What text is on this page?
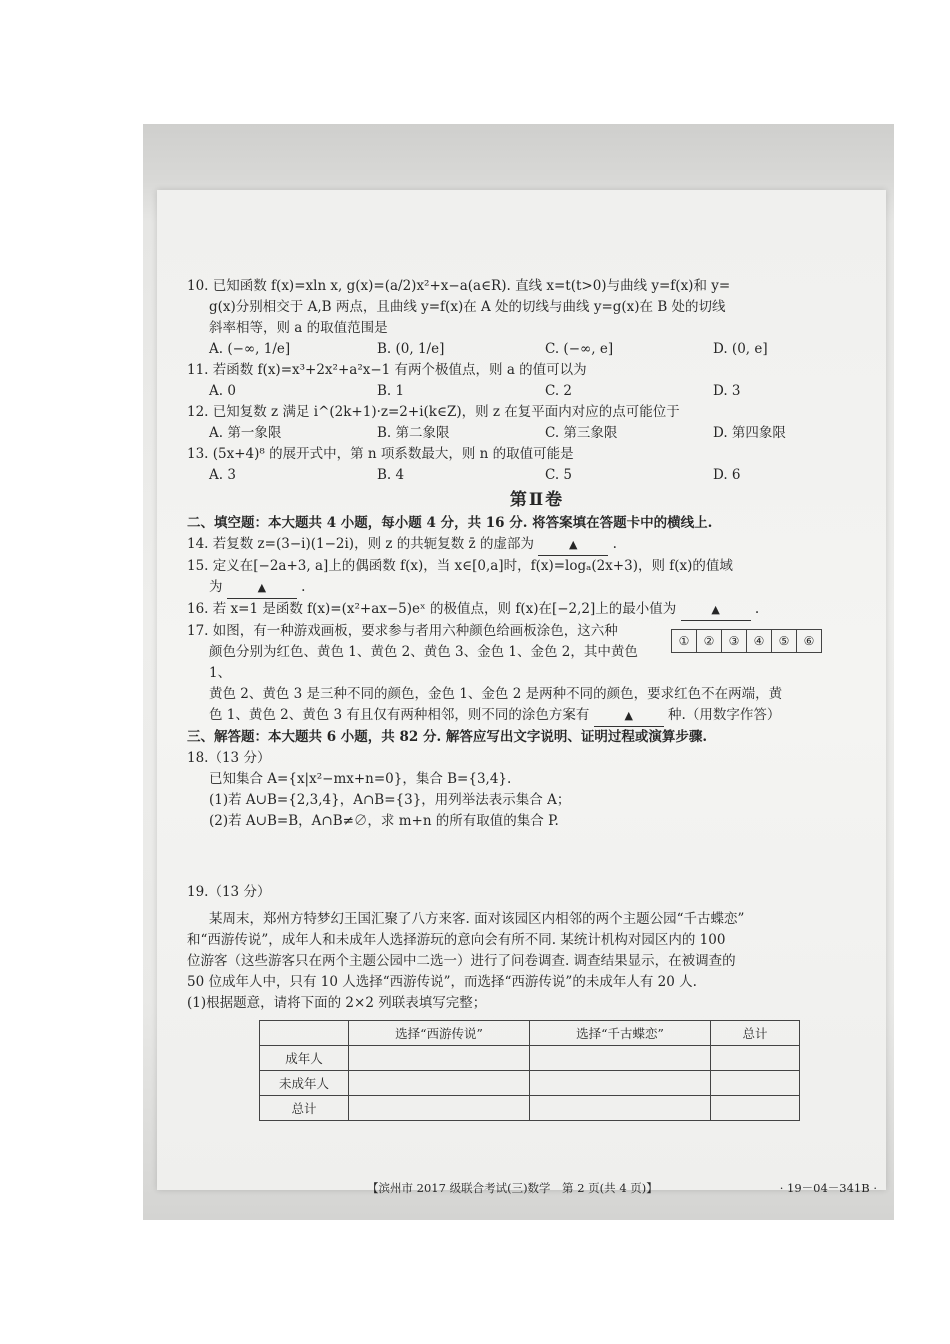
10. 已知函数 f(x)=xln x, g(x)=(a/2)x²+x−a(a∈R). 直线 x=t(t>0)与曲线 y=f(x)和 y=

g(x)分别相交于 A,B 两点，且曲线 y=f(x)在 A 处的切线与曲线 y=g(x)在 B 处的切线

斜率相等，则 a 的取值范围是

A. (−∞, 1/e]	B. (0, 1/e]	C. (−∞, e]	D. (0, e]

11. 若函数 f(x)=x³+2x²+a²x−1 有两个极值点，则 a 的值可以为

A. 0	B. 1	C. 2	D. 3

12. 已知复数 z 满足 i^(2k+1)·z=2+i(k∈Z)，则 z 在复平面内对应的点可能位于

A. 第一象限	B. 第二象限	C. 第三象限	D. 第四象限

13. (5x+4)⁸ 的展开式中，第 n 项系数最大，则 n 的取值可能是

A. 3	B. 4	C. 5	D. 6
第Ⅱ卷

二、填空题：本大题共 4 小题，每小题 4 分，共 16 分. 将答案填在答题卡中的横线上.

14. 若复数 z=(3−i)(1−2i)，则 z 的共轭复数 z̄ 的虚部为	▲	.

15. 定义在[−2a+3, a]上的偶函数 f(x)，当 x∈[0,a]时，f(x)=logₐ(2x+3)，则 f(x)的值域

为	▲	.

16. 若 x=1 是函数 f(x)=(x²+ax−5)eˣ 的极值点，则 f(x)在[−2,2]上的最小值为	▲	.

17. 如图，有一种游戏画板，要求参与者用六种颜色给画板涂色，这六种

颜色分别为红色、黄色 1、黄色 2、黄色 3、金色 1、金色 2，其中黄色 1、

①	②	③	④	⑤	⑥

黄色 2、黄色 3 是三种不同的颜色，金色 1、金色 2 是两种不同的颜色，要求红色不在两端，黄

色 1、黄色 2、黄色 3 有且仅有两种相邻，则不同的涂色方案有	▲	种.（用数字作答）

三、解答题：本大题共 6 小题，共 82 分. 解答应写出文字说明、证明过程或演算步骤.

18.（13 分）

已知集合 A={x|x²−mx+n=0}，集合 B={3,4}.

(1)若 A∪B={2,3,4}，A∩B={3}，用列举法表示集合 A；

(2)若 A∪B=B，A∩B≠∅，求 m+n 的所有取值的集合 P.

19.（13 分）

某周末，郑州方特梦幻王国汇聚了八方来客. 面对该园区内相邻的两个主题公园“千古蝶恋”

和“西游传说”，成年人和未成年人选择游玩的意向会有所不同. 某统计机构对园区内的 100

位游客（这些游客只在两个主题公园中二选一）进行了问卷调查. 调查结果显示，在被调查的

50 位成年人中，只有 10 人选择“西游传说”，而选择“西游传说”的未成年人有 20 人.

(1)根据题意，请将下面的 2×2 列联表填写完整；

	选择“西游传说”	选择“千古蝶恋”	总计
成年人			
未成年人			
总计			
【滨州市 2017 级联合考试(三)数学　第 2 页(共 4 页)】	· 19－04－341B ·
